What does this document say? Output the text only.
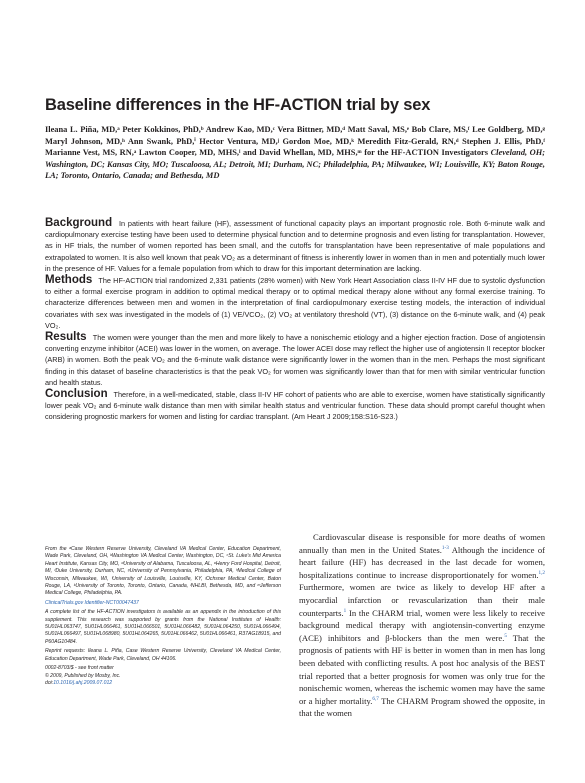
Baseline differences in the HF-ACTION trial by sex
Ileana L. Piña, MD,ᵃ Peter Kokkinos, PhD,ᵇ Andrew Kao, MD,ᶜ Vera Bittner, MD,ᵈ Matt Saval, MS,ᵉ Bob Clare, MS,ᶠ Lee Goldberg, MD,ᵍ Maryl Johnson, MD,ʰ Ann Swank, PhD,ⁱ Hector Ventura, MD,ʲ Gordon Moe, MD,ᵏ Meredith Fitz-Gerald, RN,ᵈ Stephen J. Ellis, PhD,ᶠ Marianne Vest, MS, RN,ᵃ Lawton Cooper, MD, MHS,ˡ and David Whellan, MD, MHS,ᵐ for the HF-ACTION Investigators Cleveland, OH; Washington, DC; Kansas City, MO; Tuscaloosa, AL; Detroit, MI; Durham, NC; Philadelphia, PA; Milwaukee, WI; Louisville, KY; Baton Rouge, LA; Toronto, Ontario, Canada; and Bethesda, MD

Background In patients with heart failure (HF), assessment of functional capacity plays an important prognostic role. Both 6-minute walk and cardiopulmonary exercise testing have been used to determine physical function and to determine prognosis and even listing for transplantation. However, as in HF trials, the number of women reported has been small, and the cutoffs for transplantation have been representative of male populations and extrapolated to women. It is also well known that peak VO₂ as a determinant of fitness is inherently lower in women than in men and potentially much lower in the presence of HF. Values for a female population from which to draw for this important determination are lacking.

Methods The HF-ACTION trial randomized 2,331 patients (28% women) with New York Heart Association class II-IV HF due to systolic dysfunction to either a formal exercise program in addition to optimal medical therapy or to optimal medical therapy alone without any formal exercise training. To characterize differences between men and women in the interpretation of final cardiopulmonary exercise testing models, the interaction of individual covariates with sex was investigated in the models of (1) VE/VCO₂, (2) VO₂ at ventilatory threshold (VT), (3) distance on the 6-minute walk, and (4) peak VO₂.

Results The women were younger than the men and more likely to have a nonischemic etiology and a higher ejection fraction. Dose of angiotensin converting enzyme inhibitor (ACEI) was lower in the women, on average. The lower ACEI dose may reflect the higher use of angiotensin II receptor blocker (ARB) in women. Both the peak VO₂ and the 6-minute walk distance were significantly lower in the women than in the men. Perhaps the most significant finding in this dataset of baseline characteristics is that the peak VO₂ for women was significantly lower than that for men with similar ventricular function and health status.

Conclusion Therefore, in a well-medicated, stable, class II-IV HF cohort of patients who are able to exercise, women have statistically significantly lower peak VO₂ and 6-minute walk distance than men with similar health status and ventricular function. These data should prompt careful thought when considering prognostic markers for women and listing for cardiac transplant. (Am Heart J 2009;158:S16-S23.)

From the ᵃCase Western Reserve University, Cleveland VA Medical Center, Education Department, Wade Park, Cleveland, OH, ᵇWashington VA Medical Center, Washington, DC, ᶜSt. Luke's Mid America Heart Institute, Kansas City, MO, ᵈUniversity of Alabama, Tuscaloosa, AL, ᵉHenry Ford Hospital, Detroit, MI, ᶠDuke University, Durham, NC, ᵍUniversity of Pennsylvania, Philadelphia, PA, ʰMedical College of Wisconsin, Milwaukee, WI, ⁱUniversity of Louisville, Louisville, KY, ʲOchsner Medical Center, Baton Rouge, LA, ᵏUniversity of Toronto, Toronto, Ontario, Canada, ˡNHLBI, Bethesda, MD, and ᵐJefferson Medical College, Philadelphia, PA.

ClinicalTrials.gov Identifier-NCT00047437

A complete list of the HF-ACTION investigators is available as an appendix in the introduction of this supplement. This research was supported by grants from the National Institutes of Health: 5U01HL063747, 5U01HL066461, 5U01HL066501, 5U01HL066482, 5U01HL064250, 5U01HL066494, 5U01HL066497, 5U01HL068980, 5U01HL064265, 5U01HL066462, 5U01HL066461, R37AG18915, and P60AG10484.

Reprint requests: Ileana L. Piña, Case Western Reserve University, Cleveland VA Medical Center, Education Department, Wade Park, Cleveland, OH 44106.

0002-8703/$ - see front matter

© 2009, Published by Mosby, Inc.

doi:10.1016/j.ahj.2009.07.012

Cardiovascular disease is responsible for more deaths of women annually than men in the United States.$^{1-3}$ Although the incidence of heart failure (HF) has decreased in the last decade for women, hospitalizations continue to increase disproportionately for women.$^{1,2}$ Furthermore, women are twice as likely to develop HF after a myocardial infarction or revascularization than their male counterparts.$^1$ In the CHARM trial, women were less likely to receive background medical therapy with angiotensin-converting enzyme (ACE) inhibitors and β-blockers than the men were.$^5$ That the prognosis of patients with HF is better in women than in men has long been debated with conflicting results. A post hoc analysis of the BEST trial reported that a better prognosis for women was only true for the nonischemic women, whereas the ischemic women may have the same or a higher mortality.$^{6,7}$ The CHARM Program showed the opposite, in that the women
